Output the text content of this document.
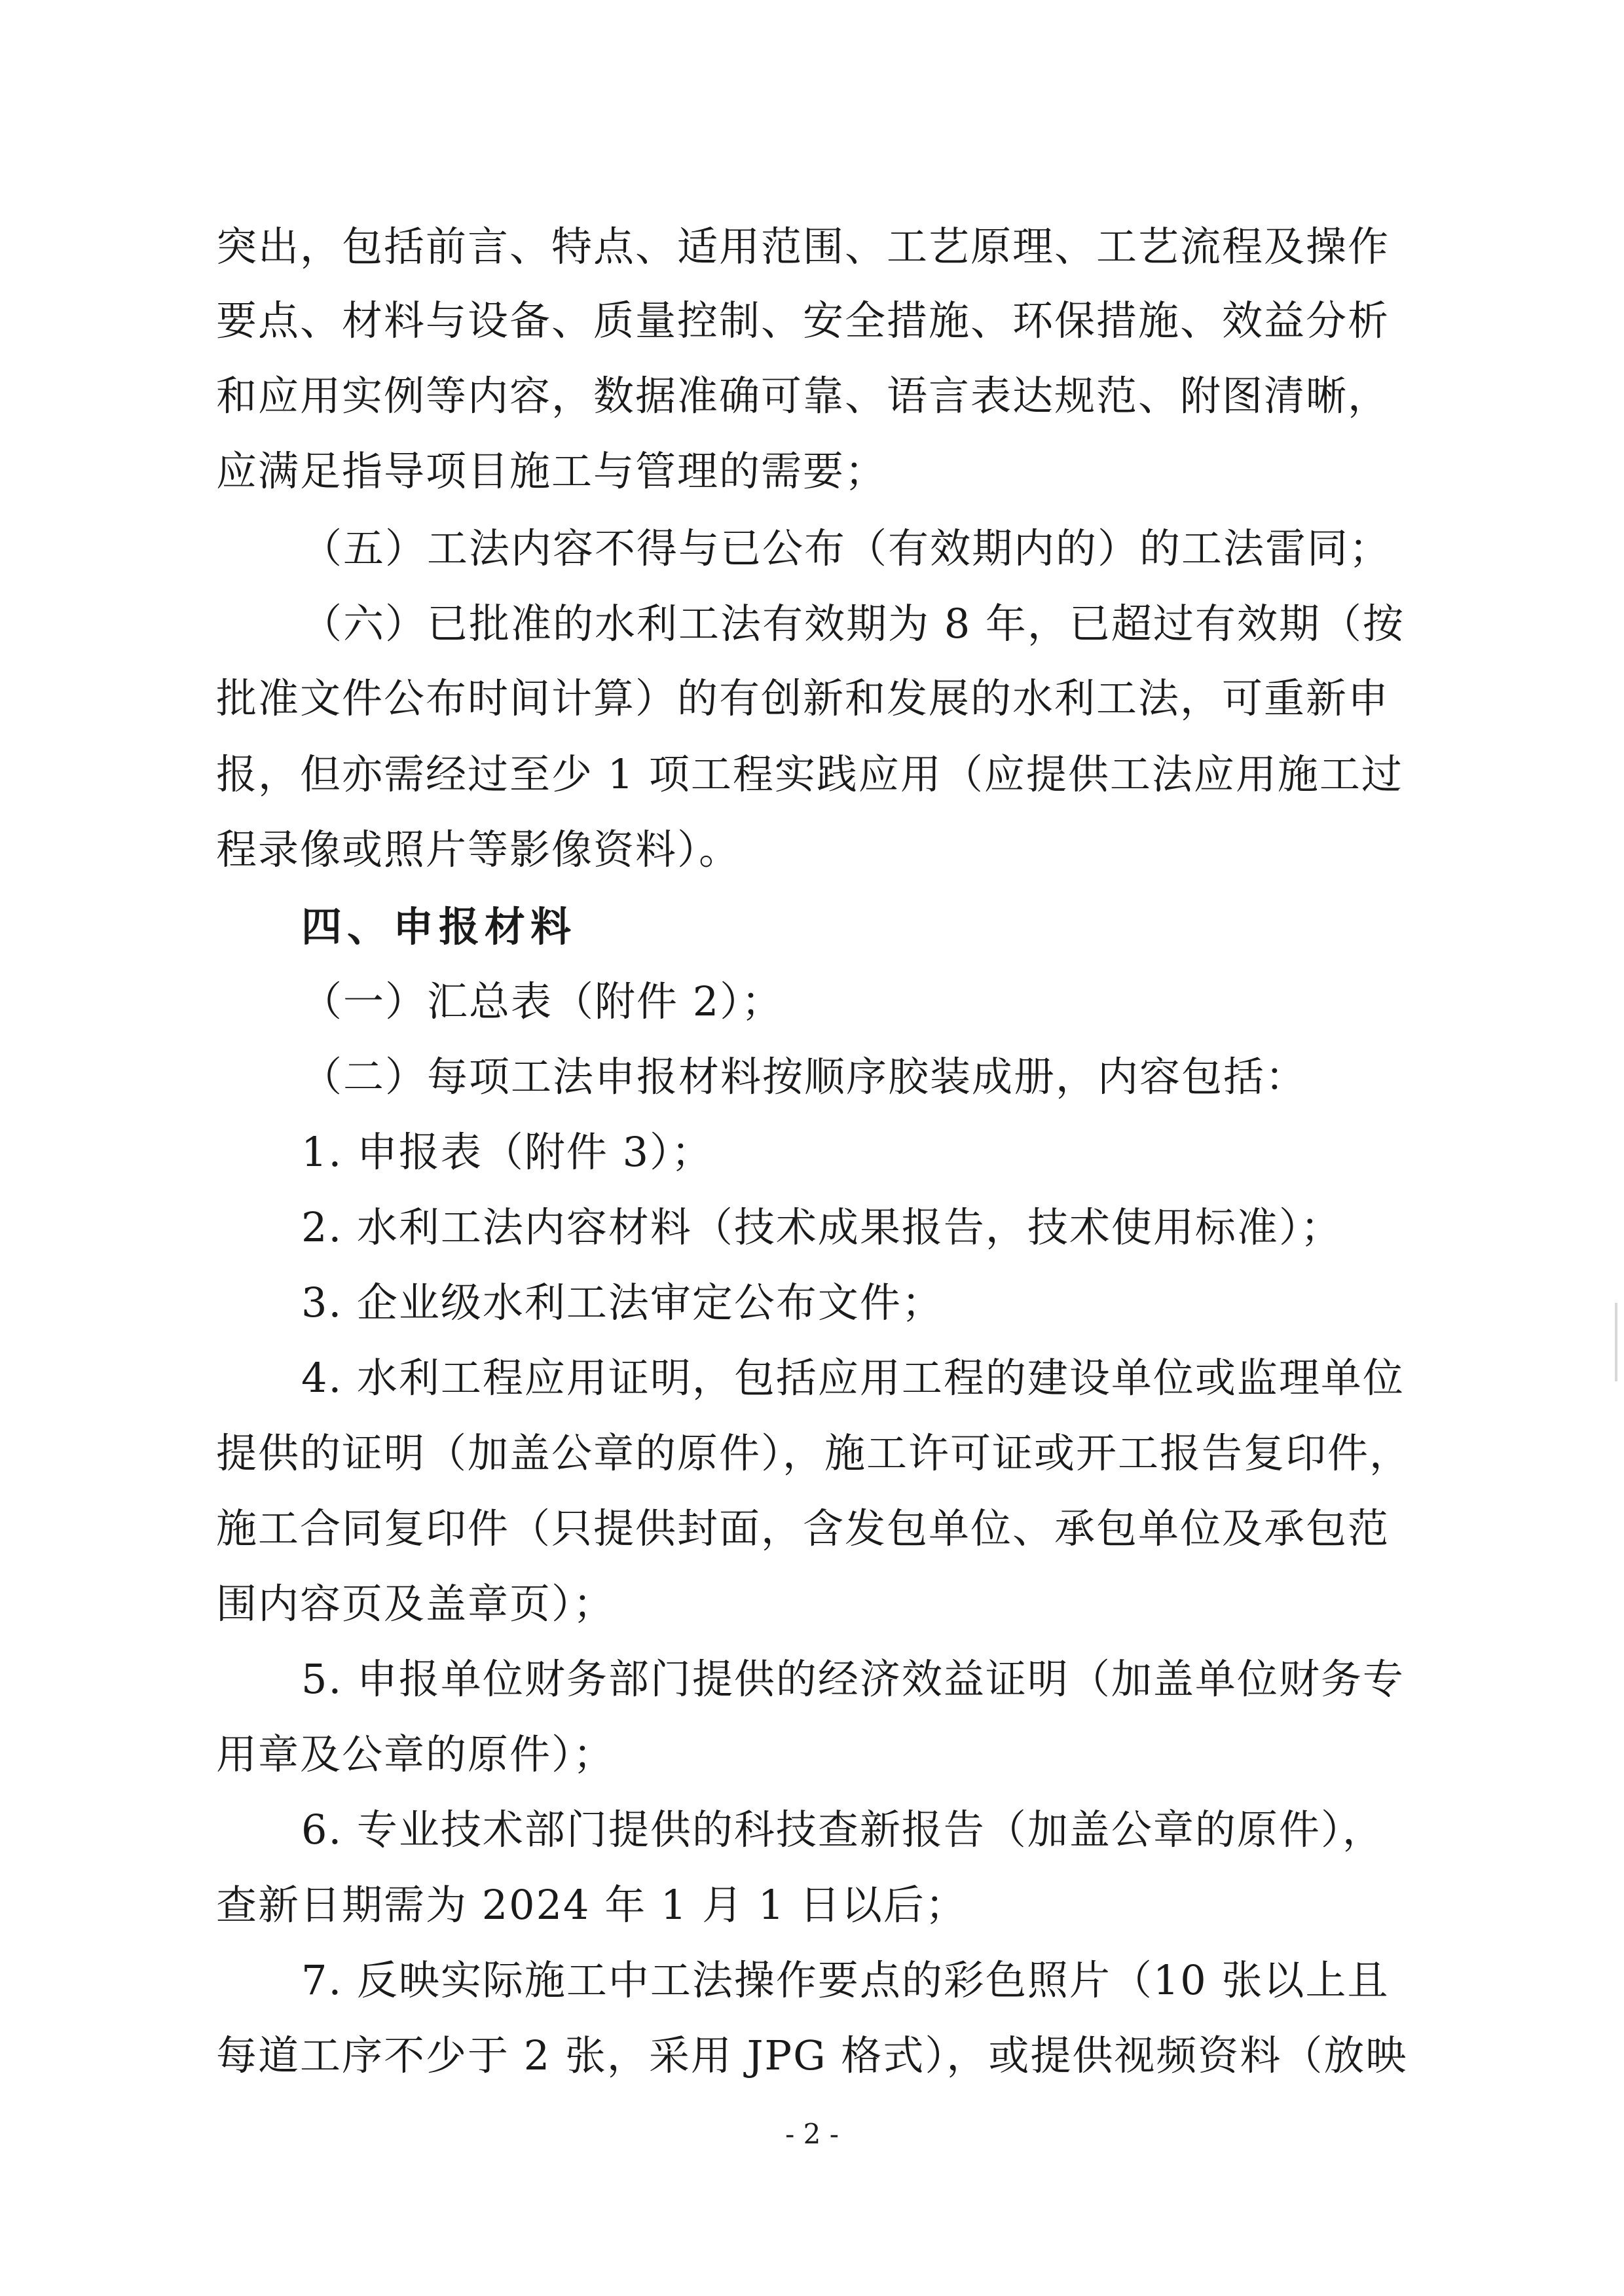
突出，包括前言、特点、适用范围、工艺原理、工艺流程及操作
要点、材料与设备、质量控制、安全措施、环保措施、效益分析
和应用实例等内容，数据准确可靠、语言表达规范、附图清晰，
应满足指导项目施工与管理的需要；
（五）工法内容不得与已公布（有效期内的）的工法雷同；
（六）已批准的水利工法有效期为 8 年，已超过有效期（按
批准文件公布时间计算）的有创新和发展的水利工法，可重新申
报，但亦需经过至少 1 项工程实践应用（应提供工法应用施工过
程录像或照片等影像资料）。
四、申报材料
（一）汇总表（附件 2）；
（二）每项工法申报材料按顺序胶装成册，内容包括：
1. 申报表（附件 3）；
2. 水利工法内容材料（技术成果报告，技术使用标准）；
3. 企业级水利工法审定公布文件；
4. 水利工程应用证明，包括应用工程的建设单位或监理单位
提供的证明（加盖公章的原件），施工许可证或开工报告复印件，
施工合同复印件（只提供封面，含发包单位、承包单位及承包范
围内容页及盖章页）；
5. 申报单位财务部门提供的经济效益证明（加盖单位财务专
用章及公章的原件）；
6. 专业技术部门提供的科技查新报告（加盖公章的原件），
查新日期需为 2024 年 1 月 1 日以后；
7. 反映实际施工中工法操作要点的彩色照片（10 张以上且
每道工序不少于 2 张，采用 JPG 格式），或提供视频资料（放映
- 2 -
